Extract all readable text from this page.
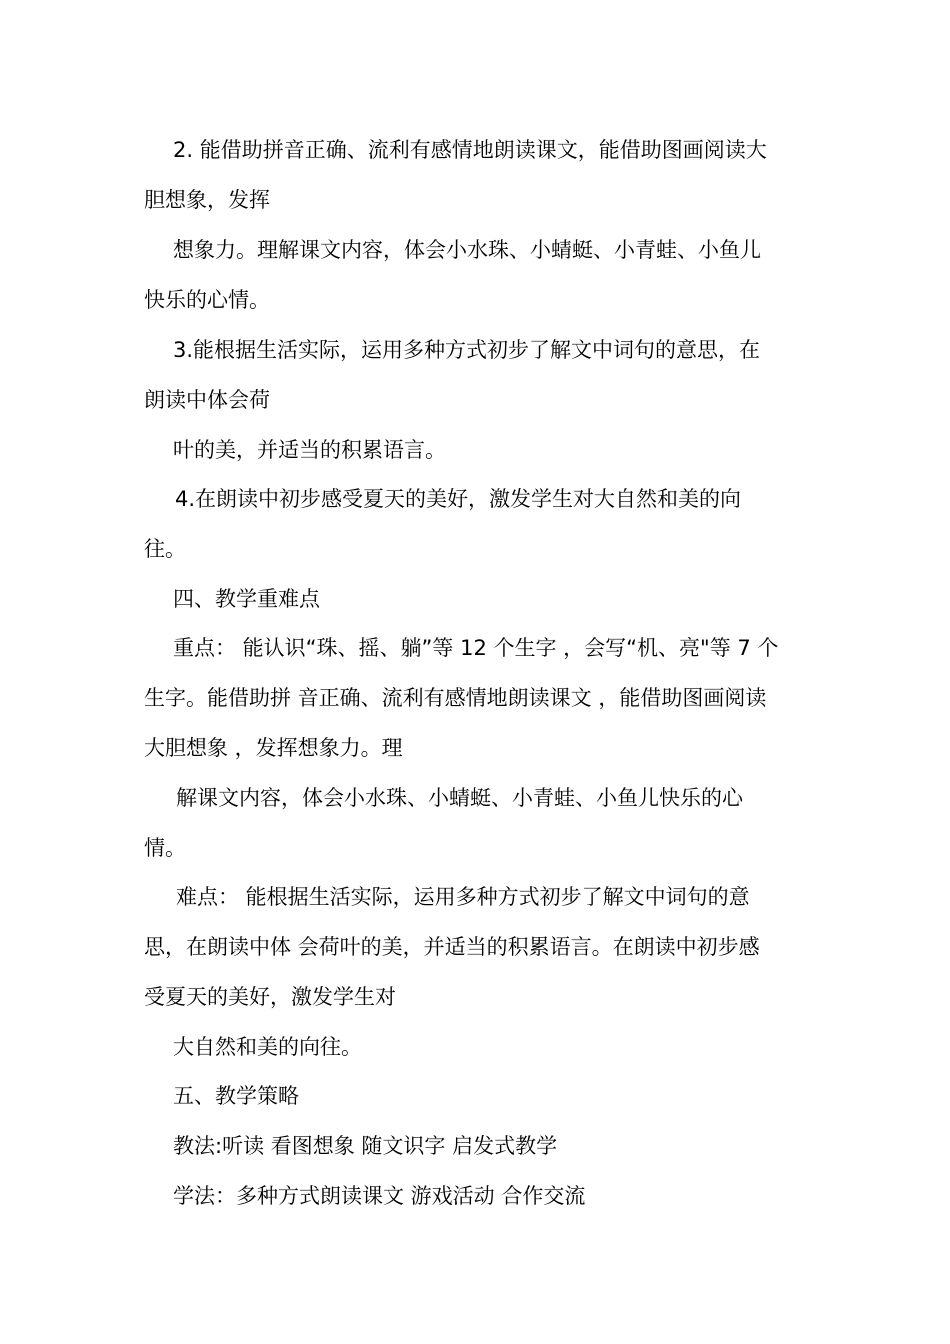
2. 能借助拼音正确、流利有感情地朗读课文，能借助图画阅读大
胆想象，发挥
想象力。理解课文内容，体会小水珠、小蜻蜓、小青蛙、小鱼儿
快乐的心情。
3.能根据生活实际，运用多种方式初步了解文中词句的意思，在
朗读中体会荷
叶的美，并适当的积累语言。
4.在朗读中初步感受夏天的美好，激发学生对大自然和美的向
往。
四、教学重难点
重点： 能认识“珠、摇、躺”等 12 个生字 ，会写“机、亮"等 7 个
生字。能借助拼 音正确、流利有感情地朗读课文 ，能借助图画阅读
大胆想象 ，发挥想象力。理
解课文内容，体会小水珠、小蜻蜓、小青蛙、小鱼儿快乐的心
情。
难点： 能根据生活实际，运用多种方式初步了解文中词句的意
思，在朗读中体 会荷叶的美，并适当的积累语言。在朗读中初步感
受夏天的美好，激发学生对
大自然和美的向往。
五、教学策略
教法:听读 看图想象 随文识字 启发式教学
学法：多种方式朗读课文 游戏活动 合作交流
